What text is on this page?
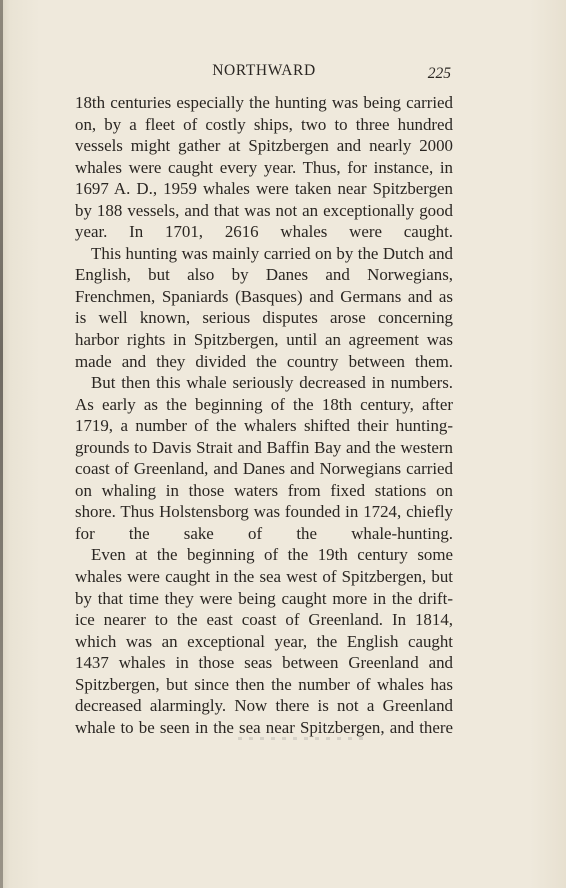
NORTHWARD	225

18th centuries especially the hunting was being carried on, by a fleet of costly ships, two to three hundred vessels might gather at Spitzbergen and nearly 2000 whales were caught every year. Thus, for instance, in 1697 A. D., 1959 whales were taken near Spitzbergen by 188 vessels, and that was not an exceptionally good year. In 1701, 2616 whales were caught.

This hunting was mainly carried on by the Dutch and English, but also by Danes and Norwegians, Frenchmen, Spaniards (Basques) and Germans and as is well known, serious disputes arose concerning harbor rights in Spitzbergen, until an agreement was made and they divided the country between them.

But then this whale seriously decreased in numbers. As early as the beginning of the 18th century, after 1719, a number of the whalers shifted their hunting-grounds to Davis Strait and Baffin Bay and the western coast of Greenland, and Danes and Norwegians carried on whaling in those waters from fixed stations on shore. Thus Holstensborg was founded in 1724, chiefly for the sake of the whale-hunting.

Even at the beginning of the 19th century some whales were caught in the sea west of Spitzbergen, but by that time they were being caught more in the drift-ice nearer to the east coast of Greenland. In 1814, which was an exceptional year, the English caught 1437 whales in those seas between Greenland and Spitzbergen, but since then the number of whales has decreased alarmingly. Now there is not a Greenland whale to be seen in the sea near Spitzbergen, and there
